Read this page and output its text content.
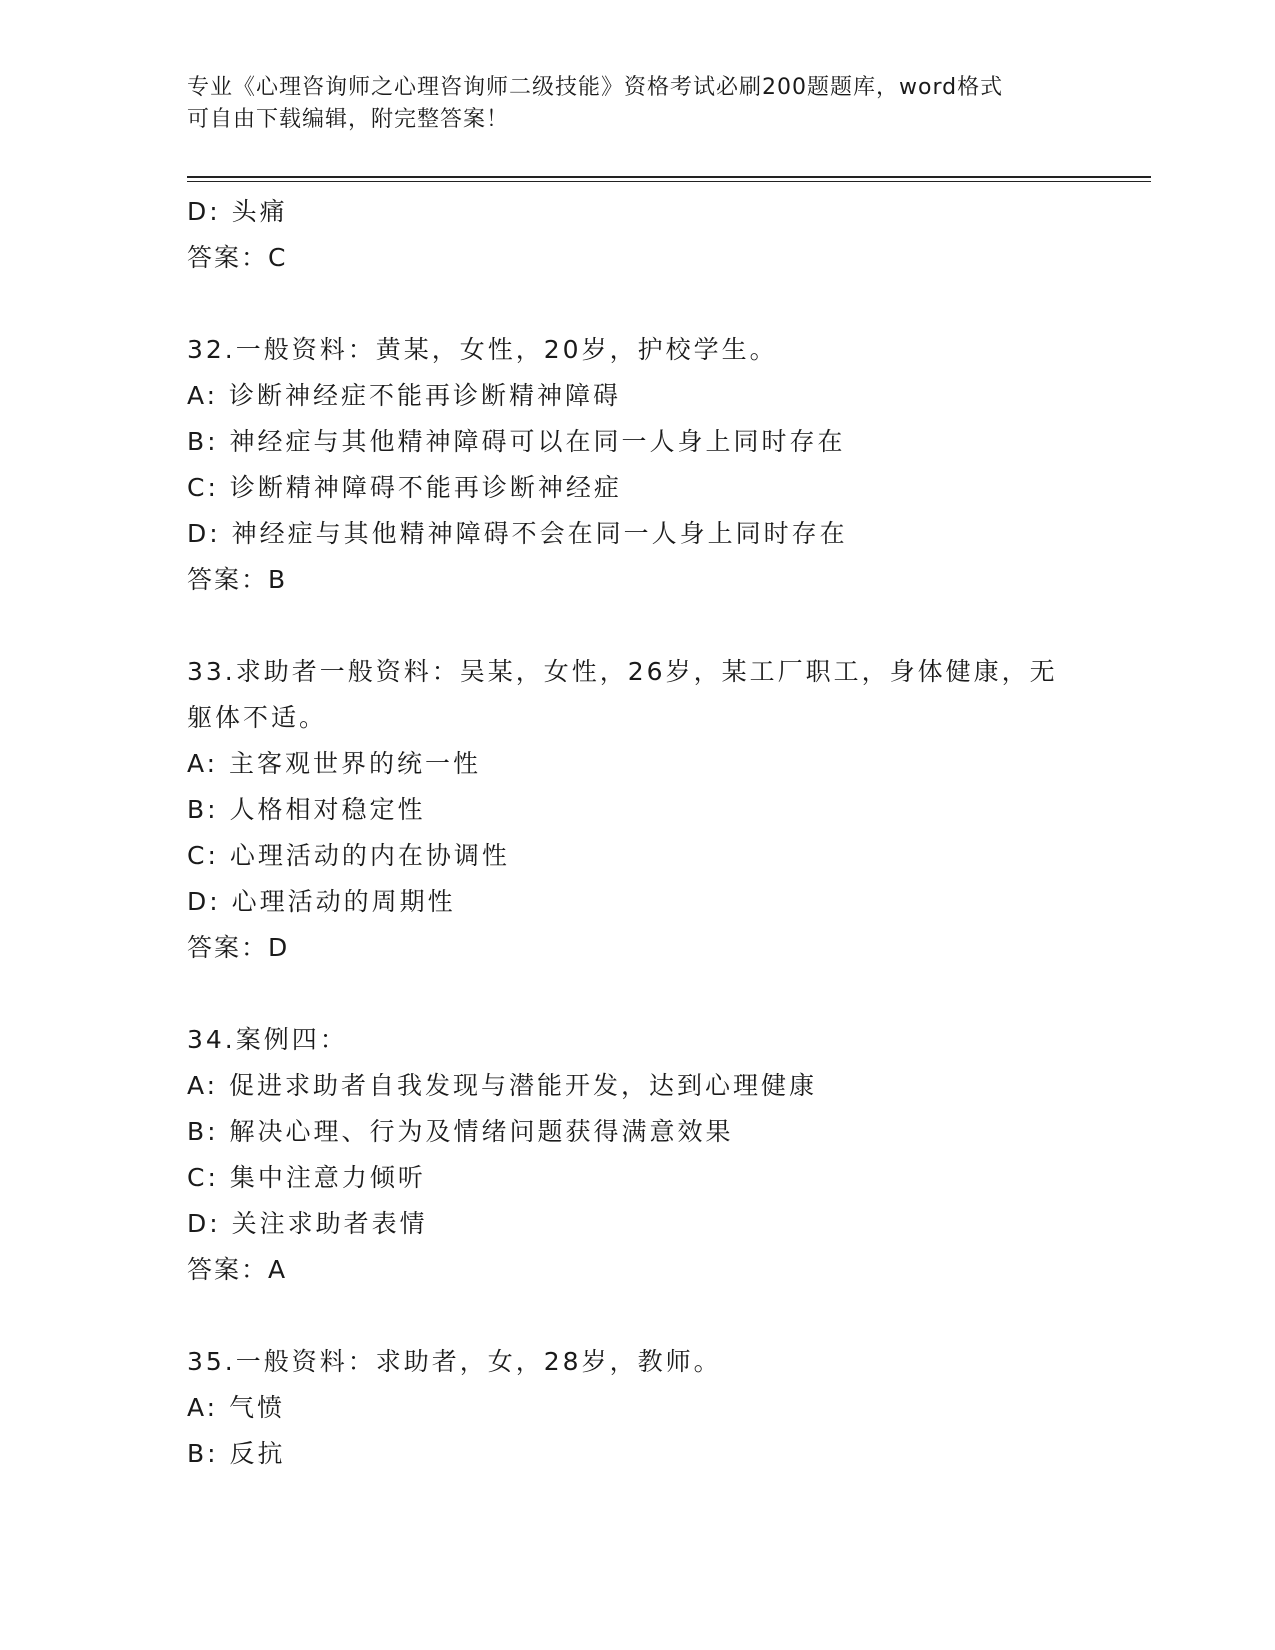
专业《心理咨询师之心理咨询师二级技能》资格考试必刷200题题库，word格式
可自由下载编辑，附完整答案！
D: 头痛
答案：C
32.一般资料：黄某，女性，20岁，护校学生。
A: 诊断神经症不能再诊断精神障碍
B: 神经症与其他精神障碍可以在同一人身上同时存在
C: 诊断精神障碍不能再诊断神经症
D: 神经症与其他精神障碍不会在同一人身上同时存在
答案：B
33.求助者一般资料：吴某，女性，26岁，某工厂职工，身体健康，无
躯体不适。
A: 主客观世界的统一性
B: 人格相对稳定性
C: 心理活动的内在协调性
D: 心理活动的周期性
答案：D
34.案例四：
A: 促进求助者自我发现与潜能开发，达到心理健康
B: 解决心理、行为及情绪问题获得满意效果
C: 集中注意力倾听
D: 关注求助者表情
答案：A
35.一般资料：求助者，女，28岁，教师。
A: 气愤
B: 反抗
